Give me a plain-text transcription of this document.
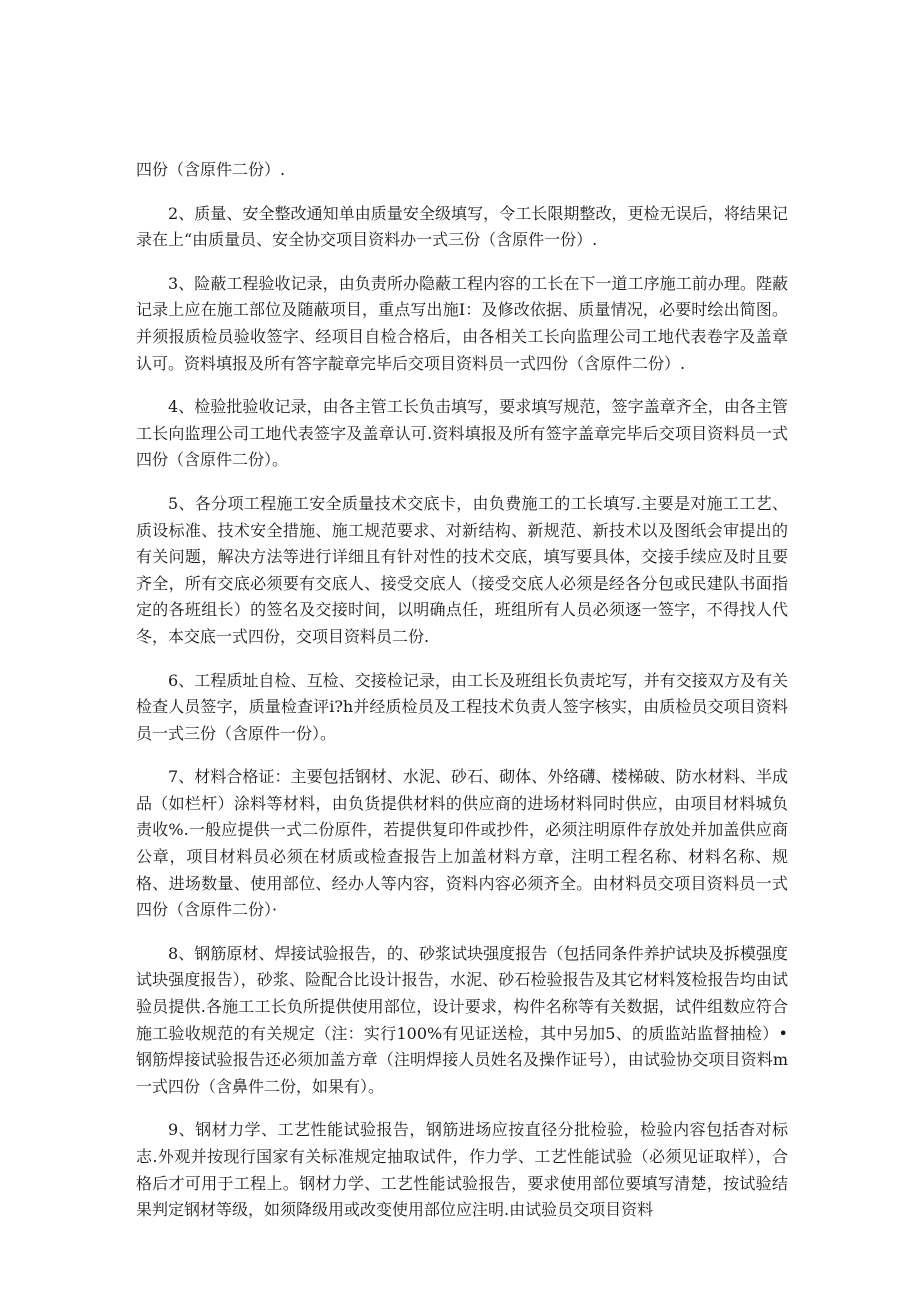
四份（含原件二份）.

2、质量、安全整改通知单由质量安全级填写，令工长限期整改，更检无误后，将结果记录在上“由质量员、安全协交项目资料办一式三份（含原件一份）.

3、险蔽工程验收记录，由负责所办隐蔽工程内容的工长在下一道工序施工前办理。陛蔽记录上应在施工部位及随蔽项目，重点写出施Ⅰ：及修改依据、质量情况，必要时绘出简图。并须报质检员验收签字、经项目自检合格后，由各相关工长向监理公司工地代表卷字及盖章认可。资料填报及所有答字靛章完毕后交项目资料员一式四份（含原件二份）.

4、检验批验收记录，由各主管工长负击填写，要求填写规范，签字盖章齐全，由各主管工长向监理公司工地代表签字及盖章认可.资料填报及所有签字盖章完毕后交项目资料员一式四份（含原件二份）。

5、各分项工程施工安全质量技术交底卡，由负费施工的工长填写.主要是对施工工艺、质设标准、技术安全措施、施工规范要求、对新结构、新规范、新技术以及图纸会审提出的有关问题，解决方法等进行详细且有针对性的技术交底，填写要具体，交接手续应及时且要齐全，所有交底必须要有交底人、接受交底人（接受交底人必须是经各分包或民建队书面指定的各班组长）的签名及交接时间，以明确点任，班组所有人员必须逐一签字，不得找人代冬，本交底一式四份，交项目资料员二份.

6、工程质址自检、互检、交接检记录，由工长及班组长负责坨写，并有交接双方及有关检查人员签字，质量检查评i?h并经质检员及工程技术负责人签字核实，由质检员交项目资料员一式三份（含原件一份）。

7、材料合格证：主要包括钢材、水泥、砂石、砌体、外络礴、楼梯破、防水材料、半成品（如栏杆）涂料等材料，由负货提供材料的供应商的进场材料同时供应，由项目材料城负责收%.一般应提供一式二份原件，若提供复印件或抄件，必须注明原件存放处并加盖供应商公章，项目材料员必须在材质或检查报告上加盖材料方章，注明工程名称、材料名称、规格、进场数量、使用部位、经办人等内容，资料内容必须齐全。由材料员交项目资料员一式四份（含原件二份）·

8、钢筋原材、焊接试验报告，的、砂浆试块强度报告（包括同条件养护试块及拆模强度试块强度报告），砂浆、险配合比设计报告，水泥、砂石检验报告及其它材料笈检报告均由试验员提供.各施工工长负所提供使用部位，设计要求，构件名称等有关数据，试件组数应符合施工验收规范的有关规定（注：实行100%有见证送检，其中另加5、的质监站监督抽检）•钢筋焊接试验报告还必须加盖方章（注明焊接人员姓名及操作证号），由试验协交项目资料m一式四份（含鼻件二份，如果有）。

9、钢材力学、工艺性能试验报告，钢筋进场应按直径分批检验，检验内容包括杳对标志.外观并按现行国家有关标准规定抽取试件，作力学、工艺性能试验（必须见证取样），合格后才可用于工程上。钢材力学、工艺性能试验报告，要求使用部位要填写清楚，按试验结果判定钢材等级，如须降级用或改变使用部位应注明.由试验员交项目资料
